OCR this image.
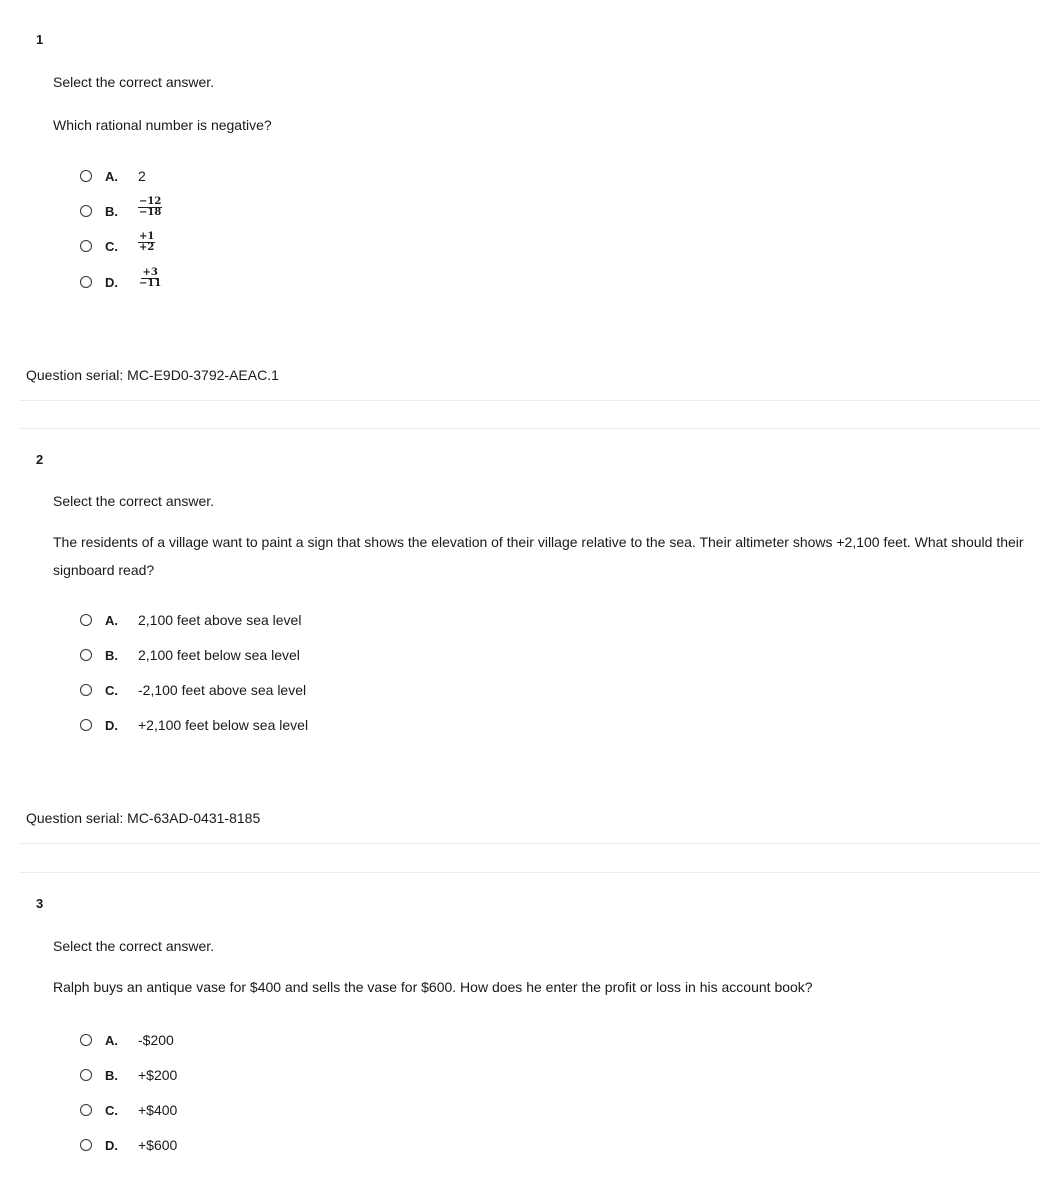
1
Select the correct answer.
Which rational number is negative?
A. 2
B. $\frac{-12}{-18}$
C. $\frac{+1}{+2}$
D. $\frac{+3}{-11}$
Question serial: MC-E9D0-3792-AEAC.1
2
Select the correct answer.
The residents of a village want to paint a sign that shows the elevation of their village relative to the sea. Their altimeter shows +2,100 feet. What should their signboard read?
A. 2,100 feet above sea level
B. 2,100 feet below sea level
C. -2,100 feet above sea level
D. +2,100 feet below sea level
Question serial: MC-63AD-0431-8185
3
Select the correct answer.
Ralph buys an antique vase for $400 and sells the vase for $600. How does he enter the profit or loss in his account book?
A. -$200
B. +$200
C. +$400
D. +$600
